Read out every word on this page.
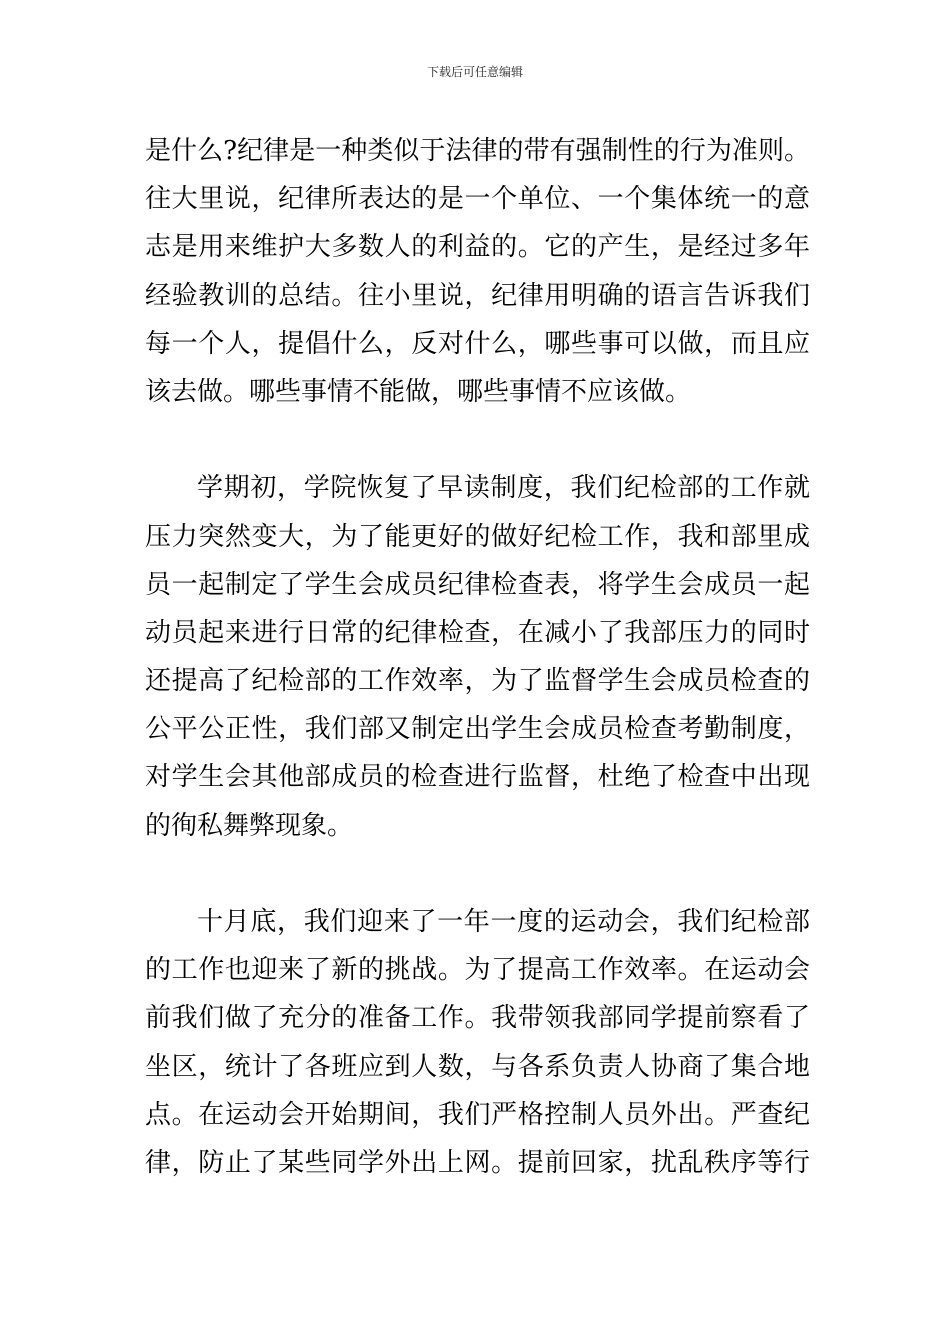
下载后可任意编辑
是什么?纪律是一种类似于法律的带有强制性的行为准则。
往大里说，纪律所表达的是一个单位、一个集体统一的意
志是用来维护大多数人的利益的。它的产生，是经过多年
经验教训的总结。往小里说，纪律用明确的语言告诉我们
每一个人，提倡什么，反对什么，哪些事可以做，而且应
该去做。哪些事情不能做，哪些事情不应该做。
学期初，学院恢复了早读制度，我们纪检部的工作就
压力突然变大，为了能更好的做好纪检工作，我和部里成
员一起制定了学生会成员纪律检查表，将学生会成员一起
动员起来进行日常的纪律检查，在减小了我部压力的同时
还提高了纪检部的工作效率，为了监督学生会成员检查的
公平公正性，我们部又制定出学生会成员检查考勤制度，
对学生会其他部成员的检查进行监督，杜绝了检查中出现
的徇私舞弊现象。
十月底，我们迎来了一年一度的运动会，我们纪检部
的工作也迎来了新的挑战。为了提高工作效率。在运动会
前我们做了充分的准备工作。我带领我部同学提前察看了
坐区，统计了各班应到人数，与各系负责人协商了集合地
点。在运动会开始期间，我们严格控制人员外出。严查纪
律，防止了某些同学外出上网。提前回家，扰乱秩序等行
